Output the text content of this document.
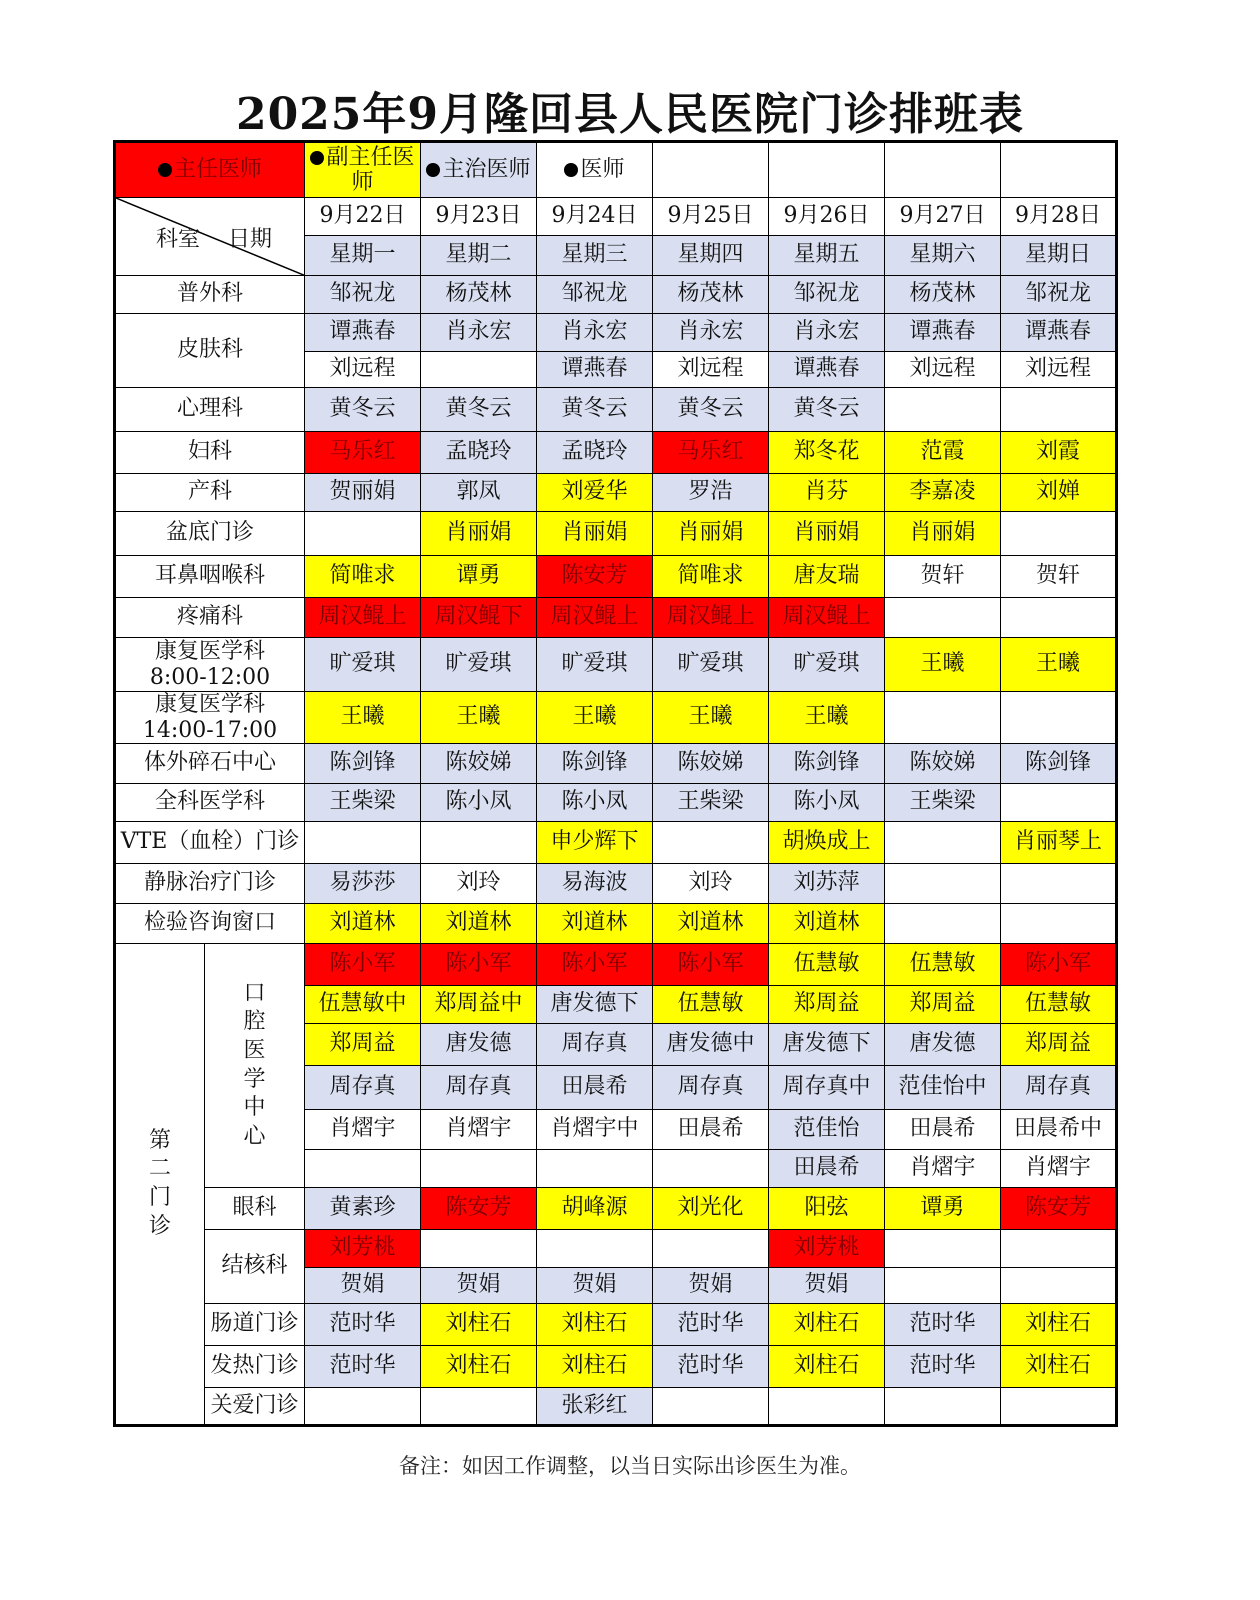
2025年9月隆回县人民医院门诊排班表
主任医师		副主任医师	主治医师	医师				

科室 日期		9月22日	9月23日	9月24日	9月25日	9月26日	9月27日	9月28日
		星期一	星期二	星期三	星期四	星期五	星期六	星期日
普外科		邹祝龙	杨茂林	邹祝龙	杨茂林	邹祝龙	杨茂林	邹祝龙
皮肤科		谭燕春	肖永宏	肖永宏	肖永宏	肖永宏	谭燕春	谭燕春
		刘远程		谭燕春	刘远程	谭燕春	刘远程	刘远程
心理科		黄冬云	黄冬云	黄冬云	黄冬云	黄冬云		
妇科		马乐红	孟晓玲	孟晓玲	马乐红	郑冬花	范霞	刘霞
产科		贺丽娟	郭凤	刘爱华	罗浩	肖芬	李嘉凌	刘婵
盆底门诊			肖丽娟	肖丽娟	肖丽娟	肖丽娟	肖丽娟	
耳鼻咽喉科		简唯求	谭勇	陈安芳	简唯求	唐友瑞	贺轩	贺轩
疼痛科		周汉鲲上	周汉鲲下	周汉鲲上	周汉鲲上	周汉鲲上		

康复医学科
8:00-12:00		旷爱琪	旷爱琪	旷爱琪	旷爱琪	旷爱琪	王曦	王曦

康复医学科
14:00-17:00		王曦	王曦	王曦	王曦	王曦		
体外碎石中心		陈剑锋	陈姣娣	陈剑锋	陈姣娣	陈剑锋	陈姣娣	陈剑锋
全科医学科		王柴梁	陈小凤	陈小凤	王柴梁	陈小凤	王柴梁	
VTE（血栓）门诊				申少辉下		胡焕成上		肖丽琴上
静脉治疗门诊		易莎莎	刘玲	易海波	刘玲	刘苏萍		
检验咨询窗口		刘道林	刘道林	刘道林	刘道林	刘道林		
第二门诊	口腔医学中心	陈小军	陈小军	陈小军	陈小军	伍慧敏	伍慧敏	陈小军
		伍慧敏中	郑周益中	唐发德下	伍慧敏	郑周益	郑周益	伍慧敏
		郑周益	唐发德	周存真	唐发德中	唐发德下	唐发德	郑周益
		周存真	周存真	田晨希	周存真	周存真中	范佳怡中	周存真
		肖熠宇	肖熠宇	肖熠宇中	田晨希	范佳怡	田晨希	田晨希中
						田晨希	肖熠宇	肖熠宇
	眼科	黄素珍	陈安芳	胡峰源	刘光化	阳弦	谭勇	陈安芳
	结核科	刘芳桃				刘芳桃		
		贺娟	贺娟	贺娟	贺娟	贺娟		
	肠道门诊	范时华	刘柱石	刘柱石	范时华	刘柱石	范时华	刘柱石
	发热门诊	范时华	刘柱石	刘柱石	范时华	刘柱石	范时华	刘柱石
	关爱门诊			张彩红				
备注：如因工作调整，以当日实际出诊医生为准。
